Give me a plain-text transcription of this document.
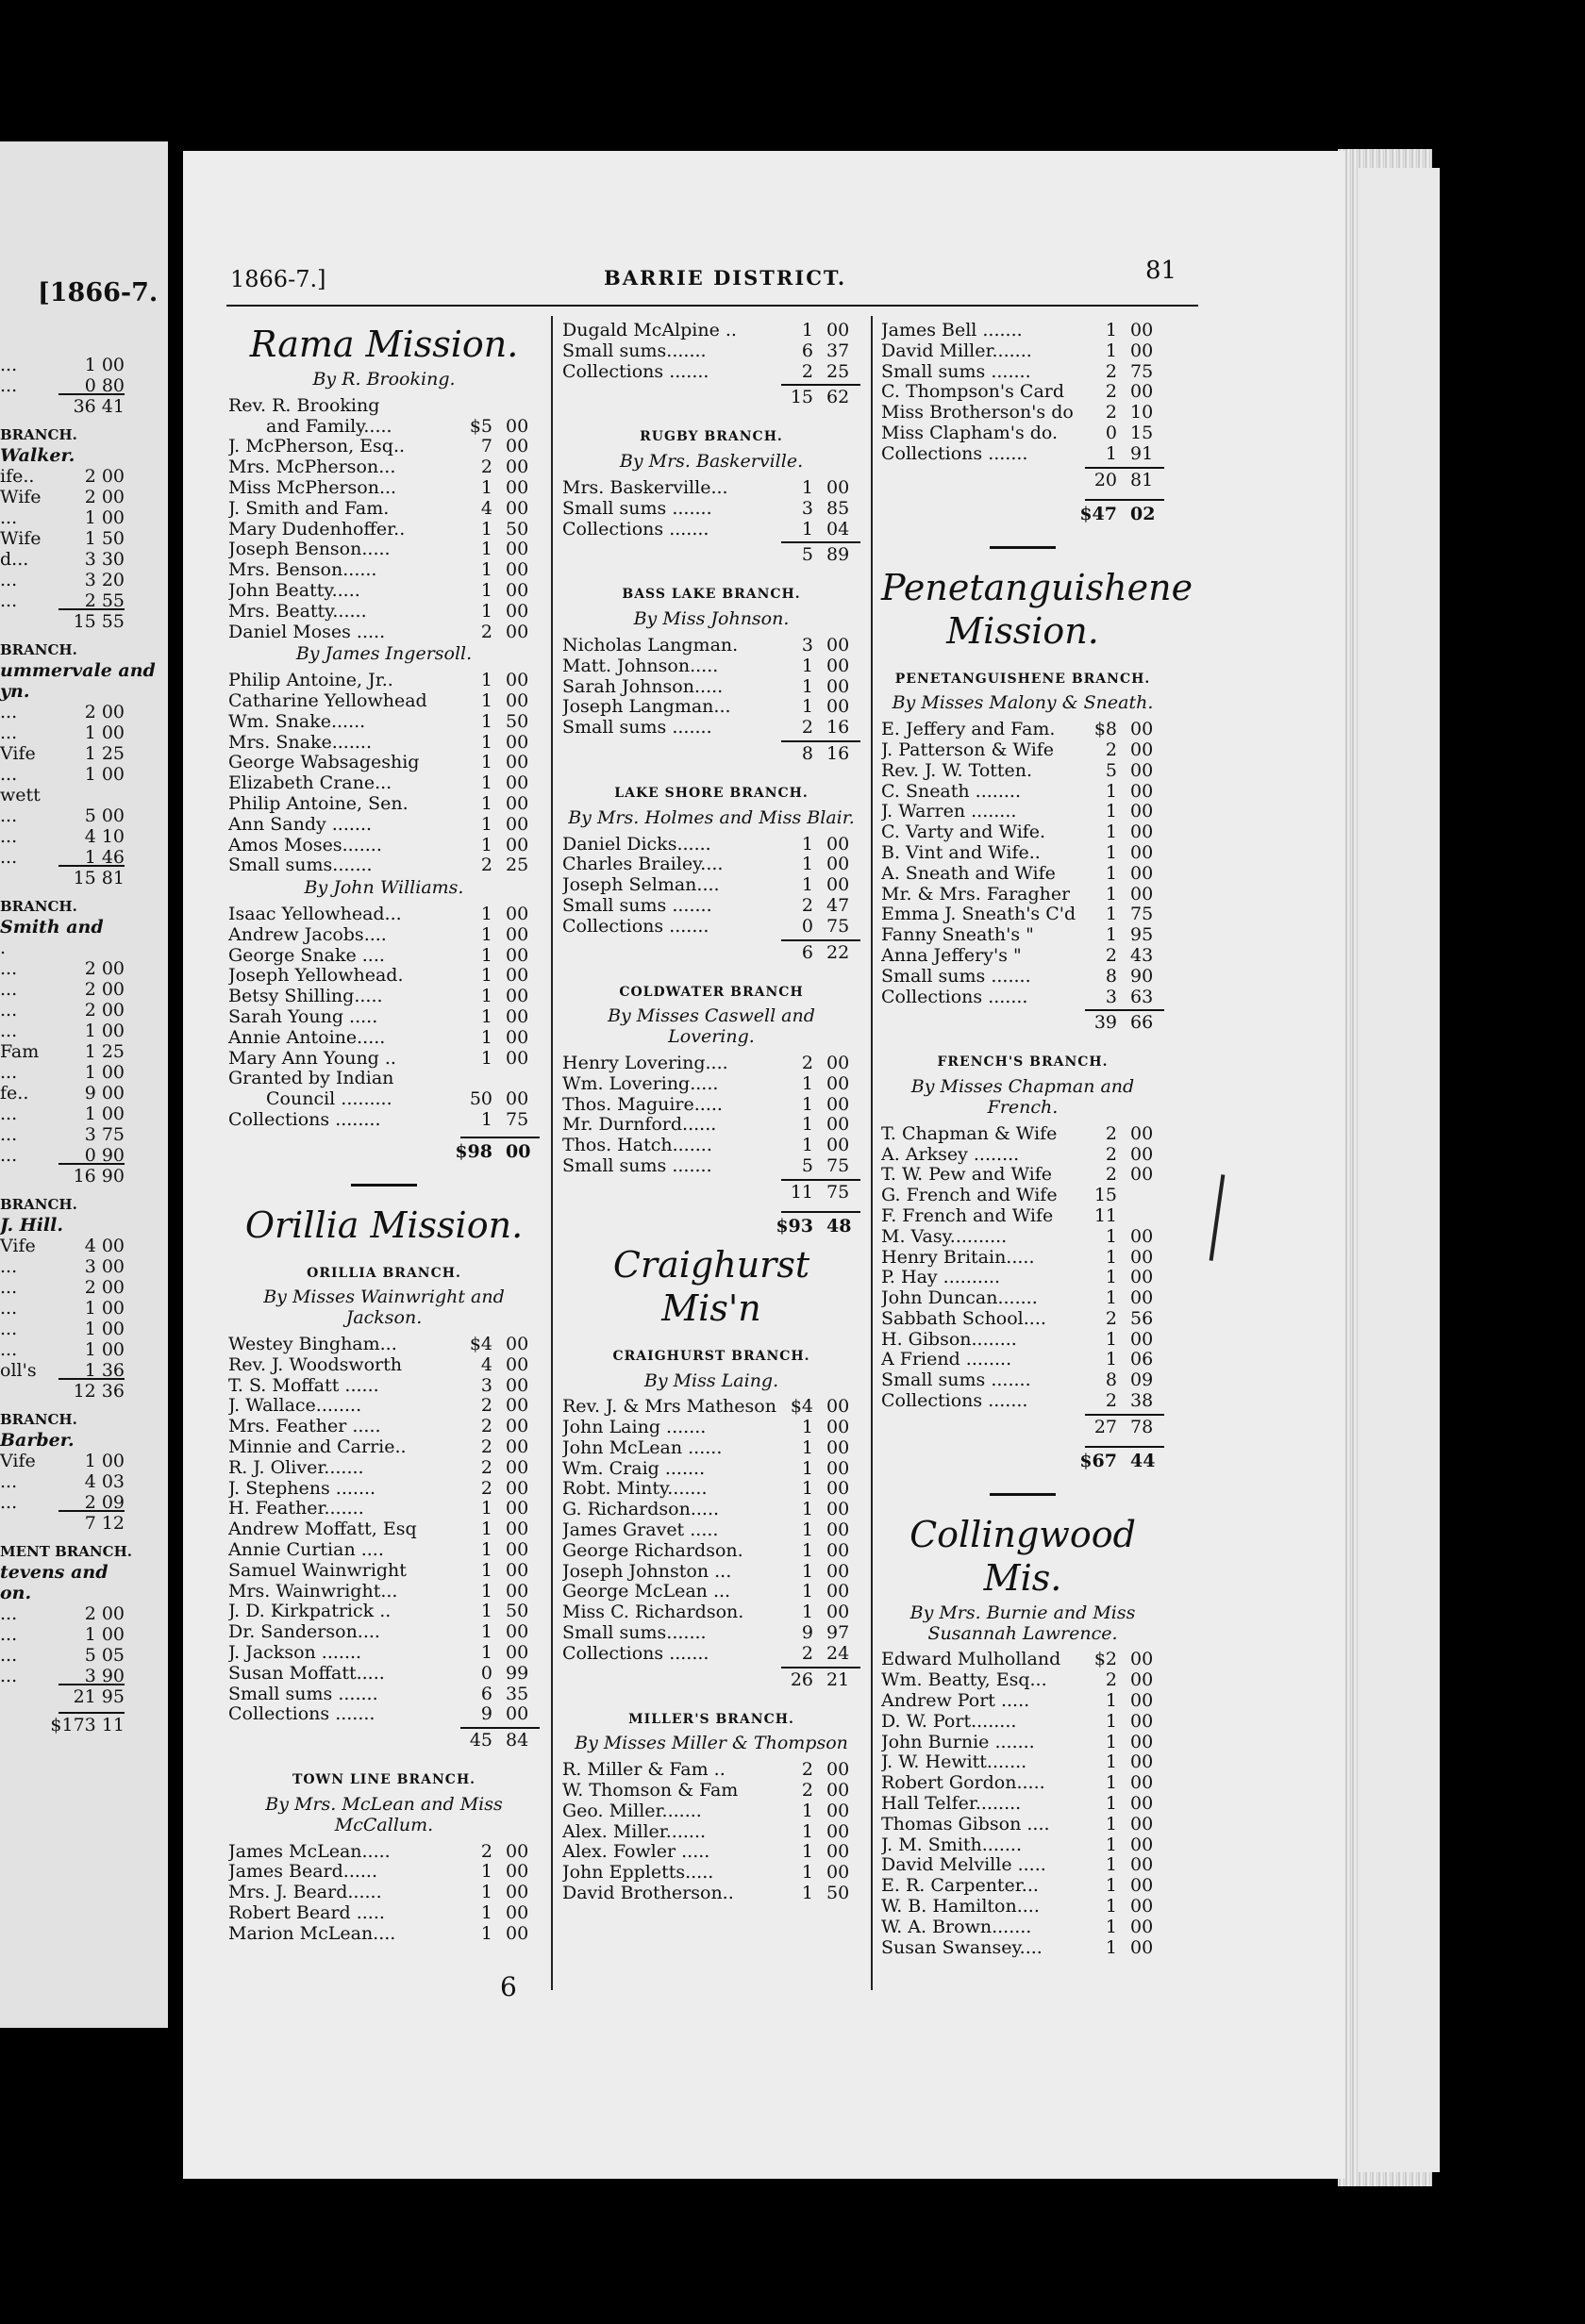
[1866-7.
...	1 00
...	0 80
36 41
BRANCH.
Walker.
ife..	2 00
Wife 2 00
...	1 00
Wife 1 50
d...	3 30
...	3 20
...	2 55
15 55
BRANCH.
ummervale and
yn.
...	2 00
...	1 00
Vife	1 25
...	1 00
wett
...	5 00
...	4 10
...	1 46
15 81
BRANCH.
Smith and
.
...	2 00
...	2 00
...	2 00
...	1 00
Fam	1 25
...	1 00
fe..	9 00
...	1 00
...	3 75
...	0 90
16 90
BRANCH.
J. Hill.
Vife	4 00
...	3 00
...	2 00
...	1 00
...	1 00
...	1 00
oll's	1 36
12 36
BRANCH.
Barber.
Vife	1 00
...	4 03
...	2 09
7 12
MENT BRANCH.
tevens and
on.
...	2 00
...	1 00
...	5 05
...	3 90
21 95
$173 11
1866-7.]	BARRIE DISTRICT.	81
Rama Mission.
By R. Brooking.
Rev. R. Brooking
and Family.....	$5 00
J. McPherson, Esq..	7 00
Mrs. McPherson...	2 00
Miss McPherson...	1 00
J. Smith and Fam.	4 00
Mary Dudenhoffer..	1 50
Joseph Benson.....	1 00
Mrs. Benson......	1 00
John Beatty.....	1 00
Mrs. Beatty......	1 00
Daniel Moses .....	2 00
By James Ingersoll.
Philip Antoine, Jr..	1 00
Catharine Yellowhead	1 00
Wm. Snake......	1 50
Mrs. Snake.......	1 00
George Wabsageshig	1 00
Elizabeth Crane...	1 00
Philip Antoine, Sen.	1 00
Ann Sandy .......	1 00
Amos Moses.......	1 00
Small sums.......	2 25
By John Williams.
Isaac Yellowhead...	1 00
Andrew Jacobs....	1 00
George Snake ....	1 00
Joseph Yellowhead.	1 00
Betsy Shilling.....	1 00
Sarah Young .....	1 00
Annie Antoine.....	1 00
Mary Ann Young ..	1 00
Granted by Indian
Council .........	50 00
Collections ........	1 75
$98 00
Orillia Mission.
ORILLIA BRANCH.
By Misses Wainwright and Jackson.
Westey Bingham...	$4 00
Rev. J. Woodsworth	4 00
T. S. Moffatt ......	3 00
J. Wallace........	2 00
Mrs. Feather .....	2 00
Minnie and Carrie..	2 00
R. J. Oliver.......	2 00
J. Stephens .......	2 00
H. Feather.......	1 00
Andrew Moffatt, Esq	1 00
Annie Curtian ....	1 00
Samuel Wainwright	1 00
Mrs. Wainwright...	1 00
J. D. Kirkpatrick ..	1 50
Dr. Sanderson....	1 00
J. Jackson .......	1 00
Susan Moffatt.....	0 99
Small sums .......	6 35
Collections .......	9 00
45 84
TOWN LINE BRANCH.
By Mrs. McLean and Miss McCallum.
James McLean.....	2 00
James Beard......	1 00
Mrs. J. Beard......	1 00
Robert Beard .....	1 00
Marion McLean....	1 00
Dugald McAlpine ..	1 00
Small sums.......	6 37
Collections .......	2 25
15 62
RUGBY BRANCH.
By Mrs. Baskerville.
Mrs. Baskerville...	1 00
Small sums .......	3 85
Collections .......	1 04
5 89
BASS LAKE BRANCH.
By Miss Johnson.
Nicholas Langman.	3 00
Matt. Johnson.....	1 00
Sarah Johnson.....	1 00
Joseph Langman...	1 00
Small sums .......	2 16
8 16
LAKE SHORE BRANCH.
By Mrs. Holmes and Miss Blair.
Daniel Dicks......	1 00
Charles Brailey....	1 00
Joseph Selman....	1 00
Small sums .......	2 47
Collections .......	0 75
6 22
COLDWATER BRANCH
By Misses Caswell and Lovering.
Henry Lovering....	2 00
Wm. Lovering.....	1 00
Thos. Maguire.....	1 00
Mr. Durnford......	1 00
Thos. Hatch.......	1 00
Small sums .......	5 75
11 75
$93 48
Craighurst Mis'n
CRAIGHURST BRANCH.
By Miss Laing.
Rev. J. & Mrs Matheson $4 00
John Laing .......	1 00
John McLean ......	1 00
Wm. Craig .......	1 00
Robt. Minty.......	1 00
G. Richardson.....	1 00
James Gravet .....	1 00
George Richardson.	1 00
Joseph Johnston ...	1 00
George McLean ...	1 00
Miss C. Richardson.	1 00
Small sums.......	9 97
Collections .......	2 24
26 21
MILLER'S BRANCH.
By Misses Miller & Thompson
R. Miller & Fam ..	2 00
W. Thomson & Fam	2 00
Geo. Miller.......	1 00
Alex. Miller.......	1 00
Alex. Fowler .....	1 00
John Eppletts.....	1 00
David Brotherson..	1 50
James Bell .......	1 00
David Miller.......	1 00
Small sums .......	2 75
C. Thompson's Card 2 00
Miss Brotherson's do 2 10
Miss Clapham's do.	0 15
Collections .......	1 91
20 81
$47 02
Penetanguishene Mission.
PENETANGUISHENE BRANCH.
By Misses Malony & Sneath.
E. Jeffery and Fam. $8 00
J. Patterson & Wife	2 00
Rev. J. W. Totten.	5 00
C. Sneath ........	1 00
J. Warren ........	1 00
C. Varty and Wife.	1 00
B. Vint and Wife..	1 00
A. Sneath and Wife	1 00
Mr. & Mrs. Faragher 1 00
Emma J. Sneath's C'd 1 75
Fanny Sneath's "	1 95
Anna Jeffery's "	2 43
Small sums .......	8 90
Collections .......	3 63
39 66
FRENCH'S BRANCH.
By Misses Chapman and French.
T. Chapman & Wife	2 00
A. Arksey ........	2 00
T. W. Pew and Wife	2 00
G. French and Wife 15
F. French and Wife 11
M. Vasy..........	1 00
Henry Britain.....	1 00
P. Hay ..........	1 00
John Duncan.......	1 00
Sabbath School....	2 56
H. Gibson........	1 00
A Friend ........	1 06
Small sums .......	8 09
Collections .......	2 38
27 78
$67 44
Collingwood Mis.
By Mrs. Burnie and Miss Susannah Lawrence.
Edward Mulholland $2 00
Wm. Beatty, Esq...	2 00
Andrew Port .....	1 00
D. W. Port........	1 00
John Burnie .......	1 00
J. W. Hewitt.......	1 00
Robert Gordon.....	1 00
Hall Telfer........	1 00
Thomas Gibson ....	1 00
J. M. Smith.......	1 00
David Melville .....	1 00
E. R. Carpenter...	1 00
W. B. Hamilton....	1 00
W. A. Brown.......	1 00
Susan Swansey....	1 00
6
